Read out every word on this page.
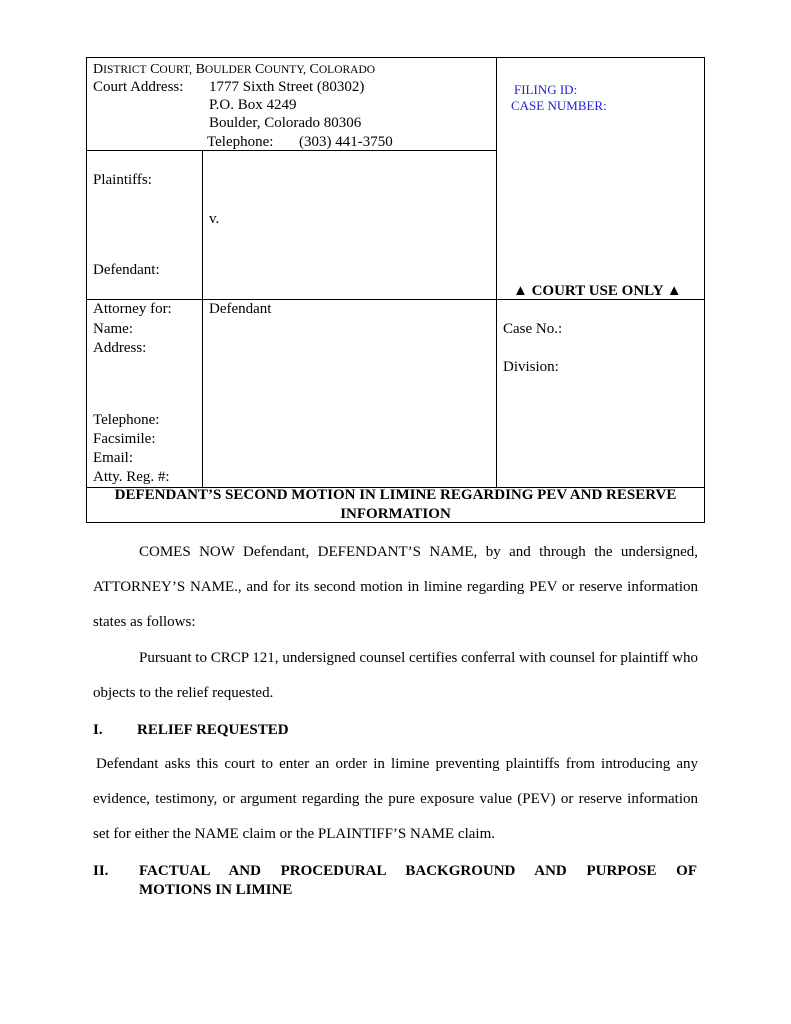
DISTRICT COURT, BOULDER COUNTY, COLORADO
Court Address: 1777 Sixth Street (80302)
P.O. Box 4249
Boulder, Colorado 80306
Telephone: (303) 441-3750
FILING ID:
CASE NUMBER:
Plaintiffs:
v.
Defendant:
▲ COURT USE ONLY ▲
Attorney for: Defendant
Name:
Address:
Telephone:
Facsimile:
Email:
Atty. Reg. #:
Case No.:
Division:
DEFENDANT’S SECOND MOTION IN LIMINE REGARDING PEV AND RESERVE
INFORMATION
COMES NOW Defendant, DEFENDANT’S NAME, by and through the undersigned, ATTORNEY’S NAME., and for its second motion in limine regarding PEV or reserve information states as follows:
Pursuant to CRCP 121, undersigned counsel certifies conferral with counsel for plaintiff who objects to the relief requested.
I. RELIEF REQUESTED
Defendant asks this court to enter an order in limine preventing plaintiffs from introducing any evidence, testimony, or argument regarding the pure exposure value (PEV) or reserve information set for either the NAME claim or the PLAINTIFF’S NAME claim.
II. FACTUAL AND PROCEDURAL BACKGROUND AND PURPOSE OF
MOTIONS IN LIMINE
